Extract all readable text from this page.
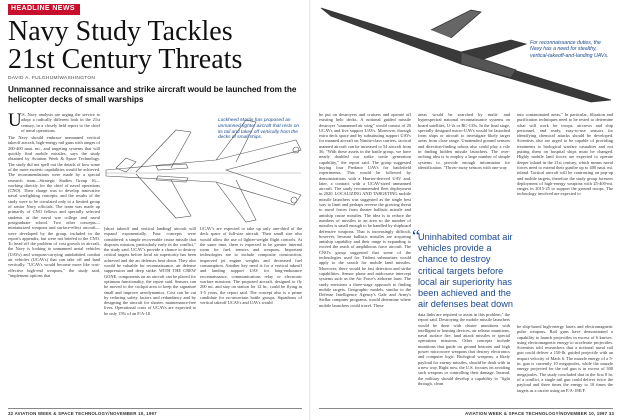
HEADLINE NEWS
Navy Study Tackles
21st Century Threats
DAVID A. FULGHUM/WASHINGTON
Unmanned reconnaissance and strike aircraft would be launched from the helicopter decks of small warships
U .S. Navy analysts are urging the service to adopt a radically different look in the 21st century, in a closely held report to the chief of naval operations.

The Navy should embrace unmanned vertical takeoff aircraft, high-energy rail guns with ranges of 200-400 naut. mi., and targeting systems that will quickly find mobile missiles, says the study obtained by Aviation Week & Space Technology. The study did not spell out the details of how some of the more esoteric capabilities would be achieved. The recommendations were made by a special research team—Strategic Studies Group 16—working directly for the chief of naval operations (CNO). Their charge was to develop innovative naval warfighting concepts, and the results of the study were to be circulated only to a limited group of senior Navy officials. The team was made up primarily of CNO fellows and specially selected students at the naval war college and naval postgraduate school. Two other concepts—miniaturized weapons and surface-effect aircraft—were developed by the group, included in the report's appendix, but were not briefed to the CNO. To head off the problem of cost growth in aircraft, the Navy is looking to unmanned aerial vehicles (UAVs) and weapons-carrying uninhabited combat air vehicles (UCAVs) that can take off and land vertically. "UCAVs would become more like cost-effective high-end weapons," the study said, "implement options that

[short takeoff and vertical landing] aircraft will expand exponentially. Four concepts were considered: a simple recoverable cruise missile that disposes mission, particularly early in the conflict," the study said. UCAV's provide a chance to destroy critical targets before local air superiority has been achieved and the air defenses beat down. They also would be valuable for reconnaissance, air defense suppression and deep strike. WITH THE CREW GONE, components on an aircraft can be placed for optimum functionality, the report said. Sensors can be moved to the cockpit area to keep the signature small and improve aerodynamics. Cost can be cut by reducing safety factors and redundancy and by designing the aircraft for shorter, maintenance-free lives. Operational costs of UCAVs are expected to be only 15% of an F/A-18.

UCAV's are expected to take up only one-third of the deck space of full-size aircraft. Their small size also would allow the use of lighter-weight flight controls. At the same time, there is expected to be greater internal room for fuel, sensors and weapons. Important technologies are to include composite construction, improved jet engine weights and decreased fuel consumption. Another key need is for a vertical takeoff and landing support UAV for long-endurance reconnaissance, communications relay or electronic warfare missions. The proposed aircraft, designed to fly 200 mi. and stay on station for 12 hr., could be flying in 3-5 years, the report said. The concept also is a prime candidate for no-uncertain battle groups. Squadrons of vertical takeoff UCAVs and UAVs would

Lockheed Martin has proposed an unmanned fighter aircraft that rests on its tail and takes off vertically from the decks of small ships.
32 AVIATION WEEK & SPACE TECHNOLOGY/NOVEMBER 10, 1997
For reconnaissance duties, the Navy has a need for stealthy, vertical-takeoff-and-landing UAVs.

be put on destroyers and cruisers and operate off existing helo decks. A notional guided missile destroyer "unmanned air wing" would consist of 20 UCAVs and five support UAVs. Moreover, through extra deck space and by substituting support UAVs for manned aircraft on Nimitz-class carriers, tactical manned aircraft can be increased to 54 aircraft from 36. "With these assets in the battle group, we have nearly doubled our strike sortie generation capability," the report said. The group suggested buying four Predator UAVs for battlefield experiments. This would be followed by demonstrations with a Harrier-derived UAV and, later, a contract with a UCAV-sized unmanned aircraft. The study recommended fleet deployment in 2020. LOCALIZING AND TARGETING mobile missile launchers was suggested as the single best way to limit and perhaps reverse the growing threat to naval forces from theater ballistic missile and antiship cruise missiles. The idea is to reduce the numbers of missiles to an area so the number of missiles is small enough to be handled by shipboard defensive weapons. That is increasingly difficult, however, because ballistic missiles are acquiring antiship capability and their range is expanding to exceed the reach of amphibious force aircraft. The CNO's group suggested that some of the technologies used for Trident submarines would apply to the search for mobile land missiles. Moreover, there would be fast detection and strike capabilities. Sensor phase and midcourse intercept systems such as the Air Force's airborne laser. The study envisions a three-stage approach to finding mobile targets. Geographic models, similar to the Defense Intelligence Agency's Gale and Army's Stellar computer programs, would determine where mobile launchers could travel. These

areas would be searched by multi- and hyperspectral national reconnaissance systems on board satellites, U-2s or RC-135s. In the final stage, specially designed micro-UAVs would be launched from ships or aircraft to investigate likely target areas from close range. Unattended ground sensors and direction-finding robots also could play a role in finding hidden missile launchers. The over-arching idea is to employ a large number of simple systems to provide enough information for identification. "Throw-away sensors with one-way

data links are required to assist in this problem," the report said. Destroying the mobile missile launchers would be done with cluster munitions with intelligent or homing devices, air release munitions, naval surface fire, land attack missiles or special operations missions. Other concepts include munitions that guide on ground beacons and high power microwave weapons that destroy electronics and computer logic. Biological weapons, a likely payload for enemy missiles, should be dealt with in a new way. Right now, the U.S. focuses on avoiding such weapons or controlling their damage. Instead, the military should develop a capability to "fight through, clean

into contaminated areas." In particular, filtration and purification techniques need to be tested to determine what will work for troops, aircrews and ship personnel, and ready, easy-to-use sensors for identifying chemical attacks should be developed. Scientists also are urged to be capable of providing treatments to biological warfare casualties and not putting them on hospital ships must be changed. Highly mobile land forces are expected to operate deeper inland in the 21st century, which means naval forces need to extend their gunfire up to 400 naut. mi. inland. Tactical aircraft will be contrasting on pop-up and mobile targets, therefore the study group foresees deployment of high-energy weapons with 25-400-mi. ranges in 2015-25 to support the ground troops. The technology involved are expected to

be ship-based high-energy lasers and electromagnetic pulse weapons. Rail guns have demonstrated a capability to launch projectiles in excess of 6 km/sec. using electromagnetic energy to accelerate projectiles. Scientists told researchers that a notional naval rail gun could deliver a 150-lb. guided projectile with an impact velocity of Mach 6. The muzzle energy of a 5-in. gun is currently 10 megajoules, while the muzzle energy projected for the rail gun is in excess of 300 megajoules. The study concluded that in the first 8 hr. of a conflict, a single rail gun could deliver twice the payload and three times the energy to 10 times the targets as a carrier using an F/A-18E/F.

“
Uninhabited combat air vehicles provide a chance to destroy critical targets before local air superiority has been achieved and the air defenses beat down
AVIATION WEEK & SPACE TECHNOLOGY/NOVEMBER 10, 1997 33
